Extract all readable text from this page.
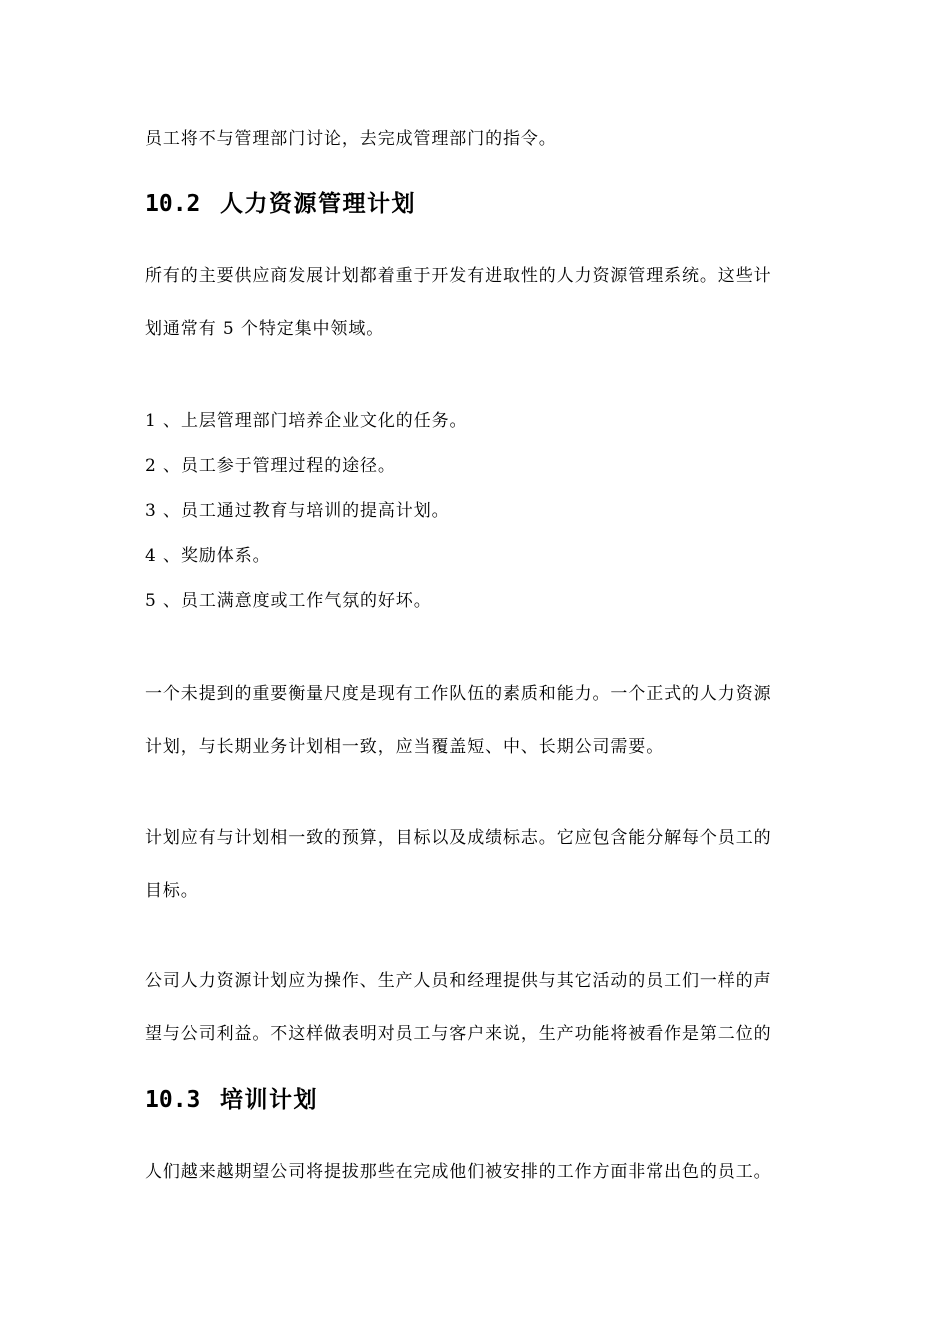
员工将不与管理部门讨论，去完成管理部门的指令。
10.2 人力资源管理计划
所有的主要供应商发展计划都着重于开发有进取性的人力资源管理系统。这些计
划通常有 5 个特定集中领域。
1 、上层管理部门培养企业文化的任务。
2 、员工参于管理过程的途径。
3 、员工通过教育与培训的提高计划。
4 、奖励体系。
5 、员工满意度或工作气氛的好坏。
一个未提到的重要衡量尺度是现有工作队伍的素质和能力。一个正式的人力资源
计划，与长期业务计划相一致，应当覆盖短、中、长期公司需要。
计划应有与计划相一致的预算，目标以及成绩标志。它应包含能分解每个员工的
目标。
公司人力资源计划应为操作、生产人员和经理提供与其它活动的员工们一样的声
望与公司利益。不这样做表明对员工与客户来说，生产功能将被看作是第二位的
10.3 培训计划
人们越来越期望公司将提拔那些在完成他们被安排的工作方面非常出色的员工。
